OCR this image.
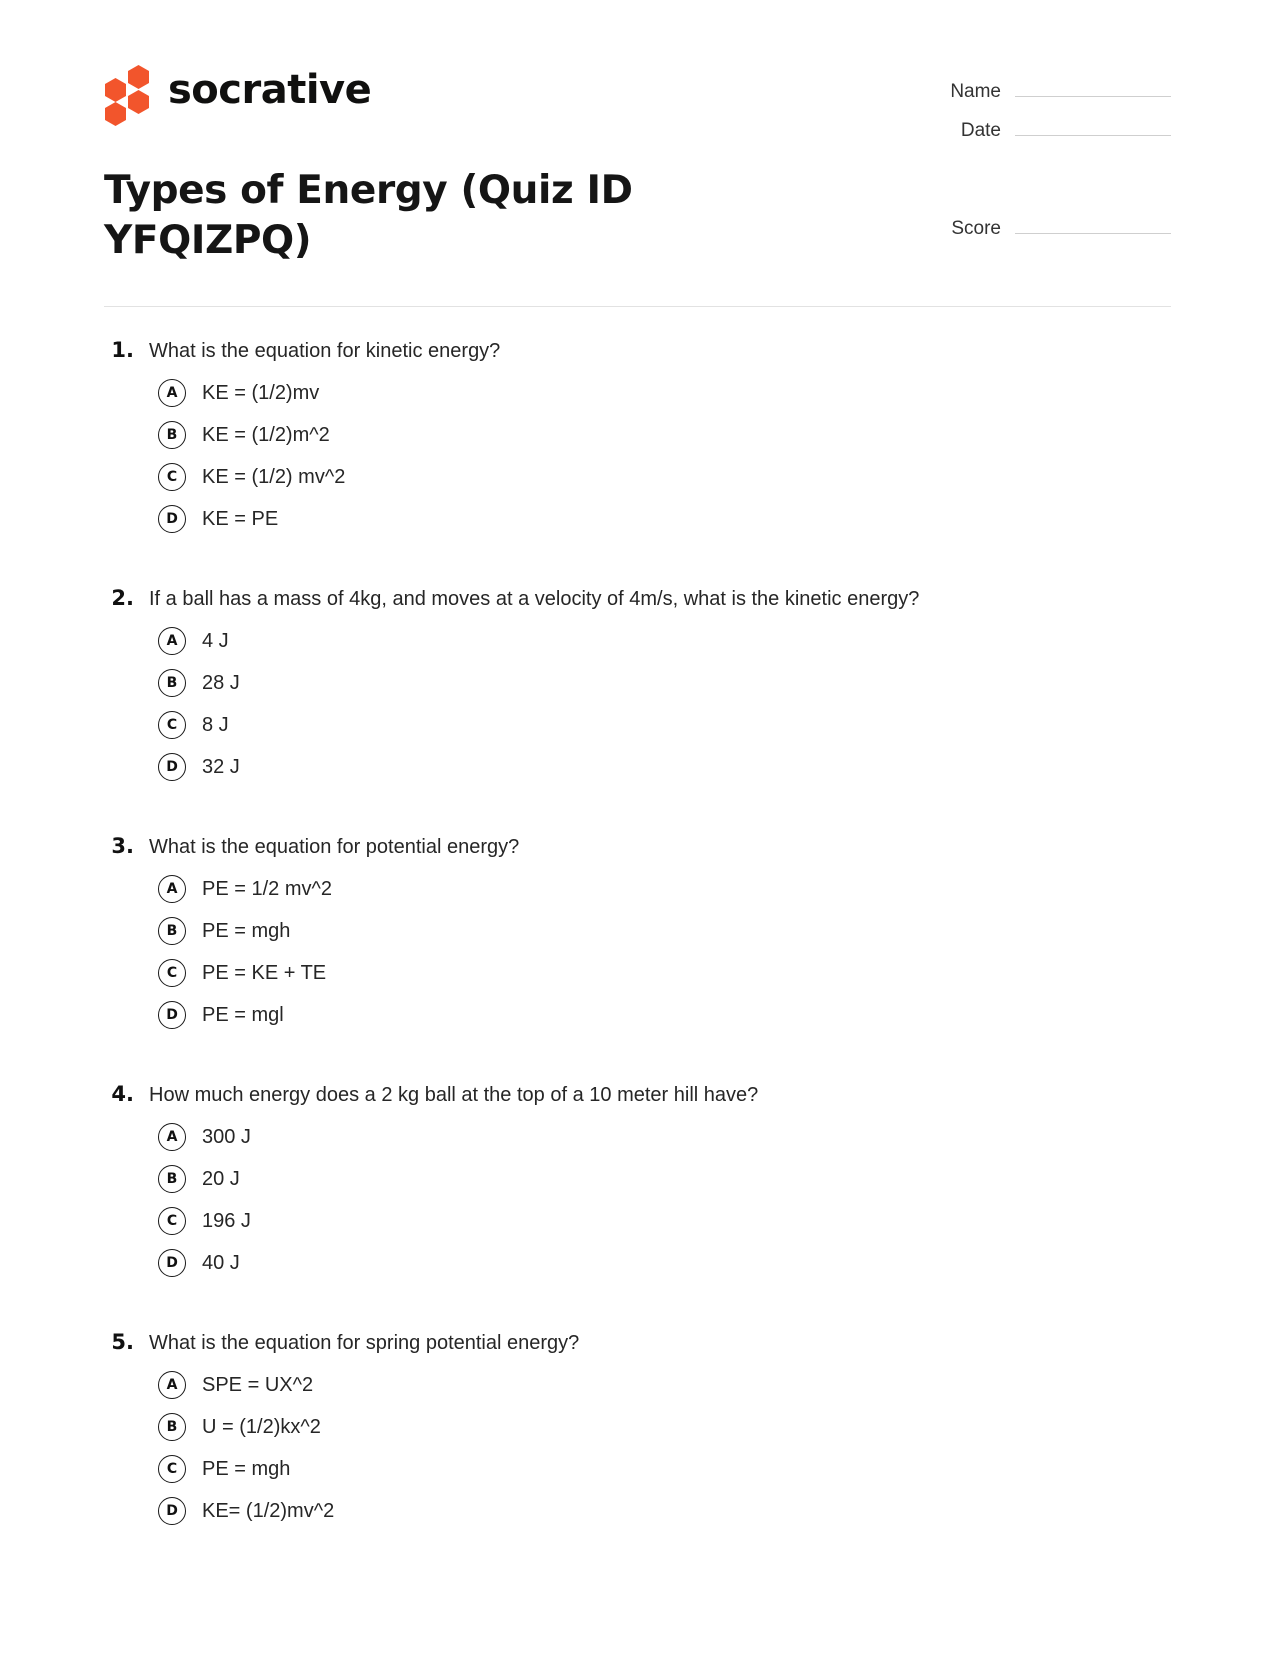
socrative
Types of Energy (Quiz ID YFQIZPQ)
Name
Date
Score
1. What is the equation for kinetic energy?
A	KE = (1/2)mv
B	KE = (1/2)m^2
C	KE = (1/2) mv^2
D	KE = PE
2. If a ball has a mass of 4kg, and moves at a velocity of 4m/s, what is the kinetic energy?
A	4 J
B	28 J
C	8 J
D	32 J
3. What is the equation for potential energy?
A	PE = 1/2 mv^2
B	PE = mgh
C	PE = KE + TE
D	PE = mgl
4. How much energy does a 2 kg ball at the top of a 10 meter hill have?
A	300 J
B	20 J
C	196 J
D	40 J
5. What is the equation for spring potential energy?
A	SPE = UX^2
B	U = (1/2)kx^2
C	PE = mgh
D	KE= (1/2)mv^2
